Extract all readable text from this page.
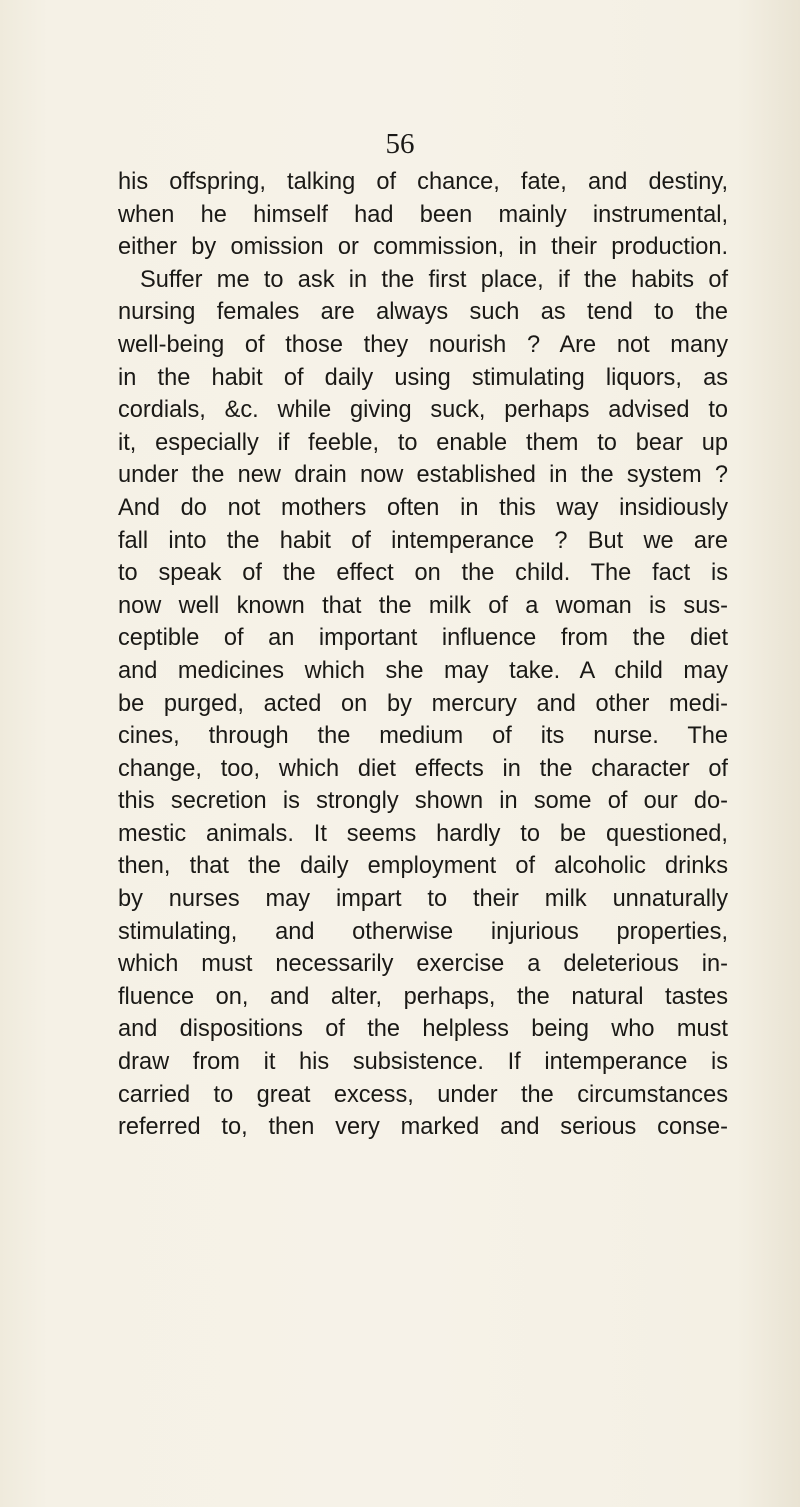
56
his offspring, talking of chance, fate, and destiny,
when he himself had been mainly instrumental,
either by omission or commission, in their production.
Suffer me to ask in the first place, if the habits of
nursing females are always such as tend to the
well-being of those they nourish ? Are not many
in the habit of daily using stimulating liquors, as
cordials, &c. while giving suck, perhaps advised to
it, especially if feeble, to enable them to bear up
under the new drain now established in the system ?
And do not mothers often in this way insidiously
fall into the habit of intemperance ? But we are
to speak of the effect on the child. The fact is
now well known that the milk of a woman is sus-
ceptible of an important influence from the diet
and medicines which she may take. A child may
be purged, acted on by mercury and other medi-
cines, through the medium of its nurse. The
change, too, which diet effects in the character of
this secretion is strongly shown in some of our do-
mestic animals. It seems hardly to be questioned,
then, that the daily employment of alcoholic drinks
by nurses may impart to their milk unnaturally
stimulating, and otherwise injurious properties,
which must necessarily exercise a deleterious in-
fluence on, and alter, perhaps, the natural tastes
and dispositions of the helpless being who must
draw from it his subsistence. If intemperance is
carried to great excess, under the circumstances
referred to, then very marked and serious conse-
